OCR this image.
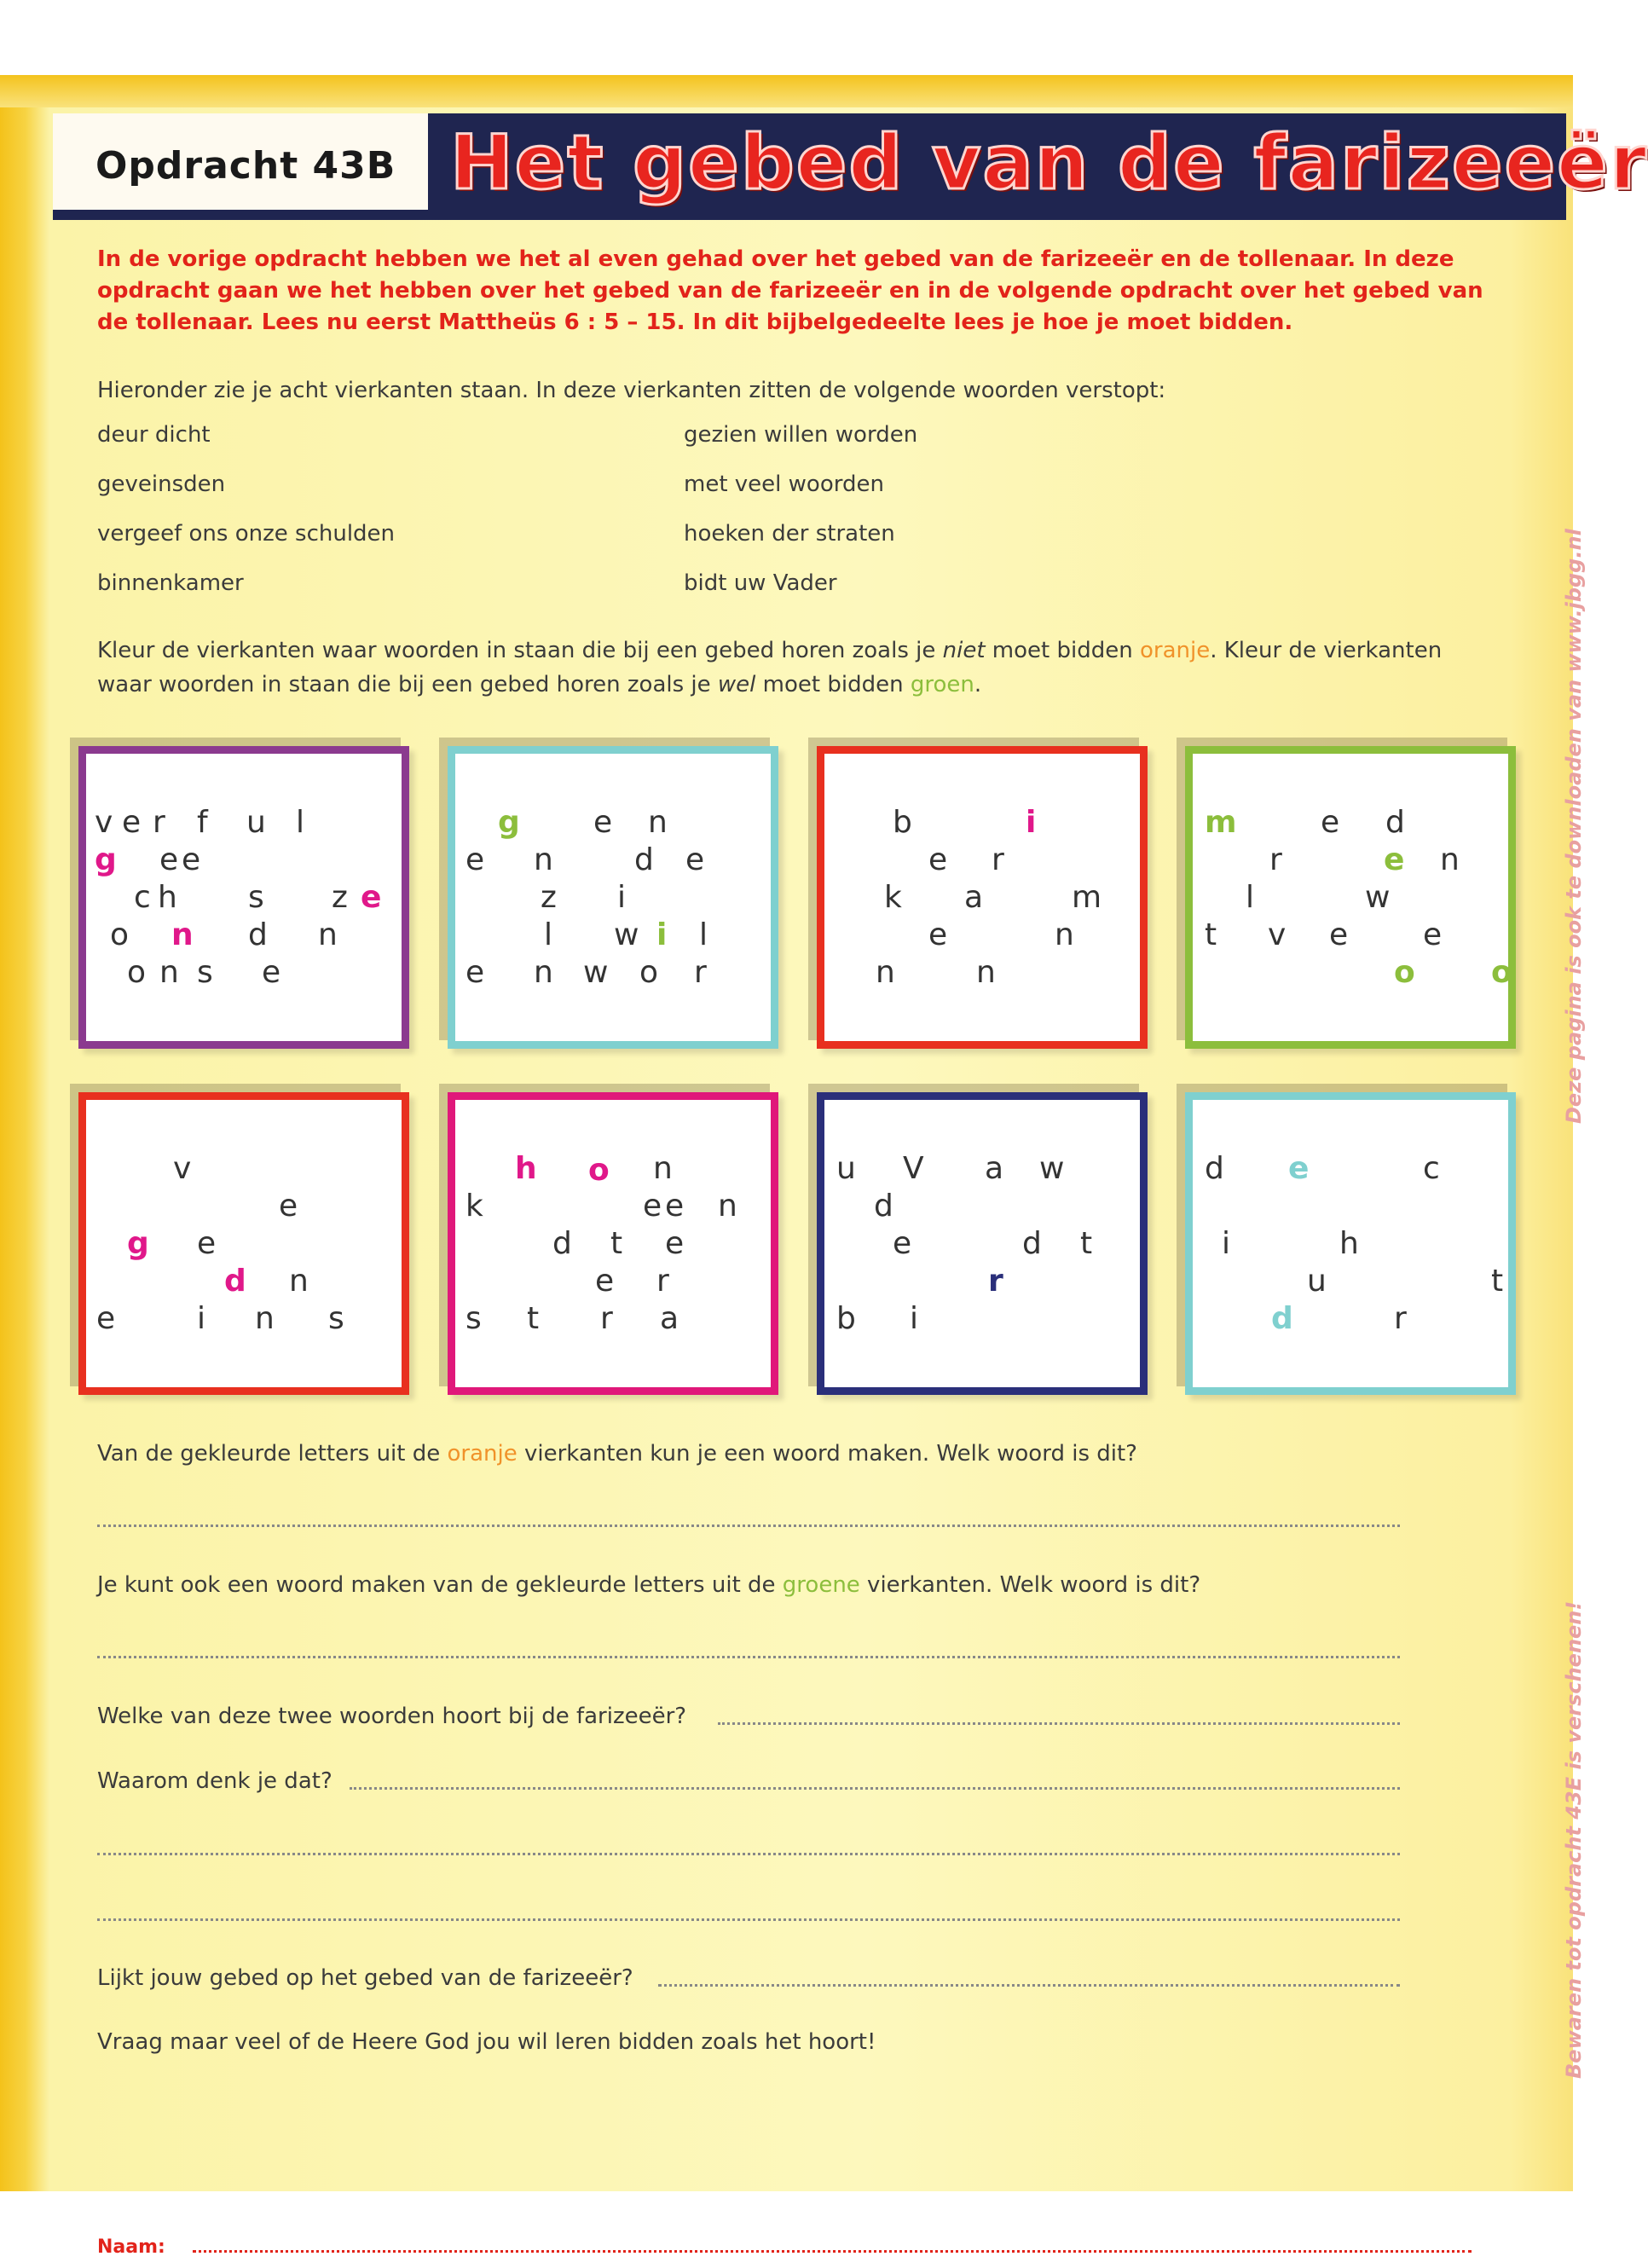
Opdracht 43B Het gebed van de farizeeër
In de vorige opdracht hebben we het al even gehad over het gebed van de farizeeër en de tollenaar. In deze opdracht gaan we het hebben over het gebed van de farizeeër en in de volgende opdracht over het gebed van de tollenaar. Lees nu eerst Mattheüs 6 : 5 – 15. In dit bijbelgedeelte lees je hoe je moet bidden.
Hieronder zie je acht vierkanten staan. In deze vierkanten zitten de volgende woorden verstopt:
deur dicht
geveinsden
vergeef ons onze schulden
binnenkamer
gezien willen worden
met veel woorden
hoeken der straten
bidt uw Vader
Kleur de vierkanten waar woorden in staan die bij een gebed horen zoals je niet moet bidden oranje. Kleur de vierkanten waar woorden in staan die bij een gebed horen zoals je wel moet bidden groen.
v e r f u l
g e e
c h s z e
o n d n
o n s e
g e n
e n	d e
z i
l w i l
e n w o r
b	i
e r
k a	m
e	n
n	n
m	e d
r	e n
l	w
t v e e
o o
v
e
g e
d n
e	i n s
h o n
k	e e n
d t e
e r
s t r a
u V a w
d
e	d t
r
b i
d e	c
i	h
u	t
d	r
Van de gekleurde letters uit de oranje vierkanten kun je een woord maken. Welk woord is dit?
Je kunt ook een woord maken van de gekleurde letters uit de groene vierkanten. Welk woord is dit?
Welke van deze twee woorden hoort bij de farizeeër?
Waarom denk je dat?
Lijkt jouw gebed op het gebed van de farizeeër?
Vraag maar veel of de Heere God jou wil leren bidden zoals het hoort!
Naam:
Deze pagina is ook te downloaden van www.jbgg.nl
Bewaren tot opdracht 43E is verschenen!
